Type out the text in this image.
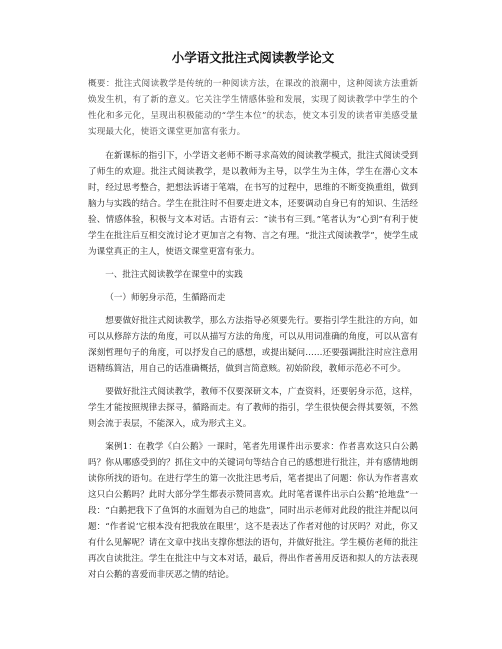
小学语文批注式阅读教学论文

概要：批注式阅读教学是传统的一种阅读方法，在课改的浪潮中，这种阅读方法重新焕发生机，有了新的意义。它关注学生情感体验和发展，实现了阅读教学中学生的个性化和多元化，呈现出积极能动的“学生本位”的状态，使文本引发的读者审美感受量实现最大化，使语文课堂更加富有张力。

在新课标的指引下，小学语文老师不断寻求高效的阅读教学模式，批注式阅读受到了师生的欢迎。批注式阅读教学，是以教师为主导，以学生为主体，学生在潜心文本时，经过思考整合，把想法诉诸于笔端，在书写的过程中，思维的不断变换重组，做到脑力与实践的结合。学生在批注时不但要走进文本，还要调动自身已有的知识、生活经验、情感体验，积极与文本对话。古语有云：“读书有三到。”笔者认为“心到”有利于使学生在批注后互相交流讨论才更加言之有物、言之有理。“批注式阅读教学”，使学生成为课堂真正的主人，使语文课堂更富有张力。

一、批注式阅读教学在课堂中的实践

（一）师躬身示范，生循路而走

想要做好批注式阅读教学，那么方法指导必须要先行。要指引学生批注的方向，如可以从修辞方法的角度，可以从描写方法的角度，可以从用词准确的角度，可以从富有深刻哲理句子的角度，可以抒发自己的感想，或提出疑问……还要强调批注时应注意用语精练简洁，用自己的话准确概括，做到言简意赅。初始阶段，教师示范必不可少。

要做好批注式阅读教学，教师不仅要深研文本，广查资料，还要躬身示范，这样，学生才能按照规律去探寻，循路而走。有了教师的指引，学生很快便会得其要领，不然则会流于表层，不能深入，成为形式主义。

案例1：在教学《白公鹅》一课时，笔者先用课件出示要求：作者喜欢这只白公鹅吗？你从哪感受到的？抓住文中的关键词句等结合自己的感想进行批注，并有感情地朗读你所找的语句。在进行学生的第一次批注思考后，笔者提出了问题：你认为作者喜欢这只白公鹅吗？此时大部分学生都表示赞同喜欢。此时笔者课件出示白公鹅“抢地盘”一段：“白鹅把我下了鱼饵的水面划为自己的地盘”，同时出示老师对此段的批注并配以问题：“作者说‘它根本没有把我放在眼里’，这不是表达了作者对他的讨厌吗？对此，你又有什么见解呢？请在文章中找出支撑你想法的语句，并做好批注。学生模仿老师的批注再次自读批注。学生在批注中与文本对话，最后，得出作者善用反语和拟人的方法表现对白公鹅的喜爱而非厌恶之情的结论。
